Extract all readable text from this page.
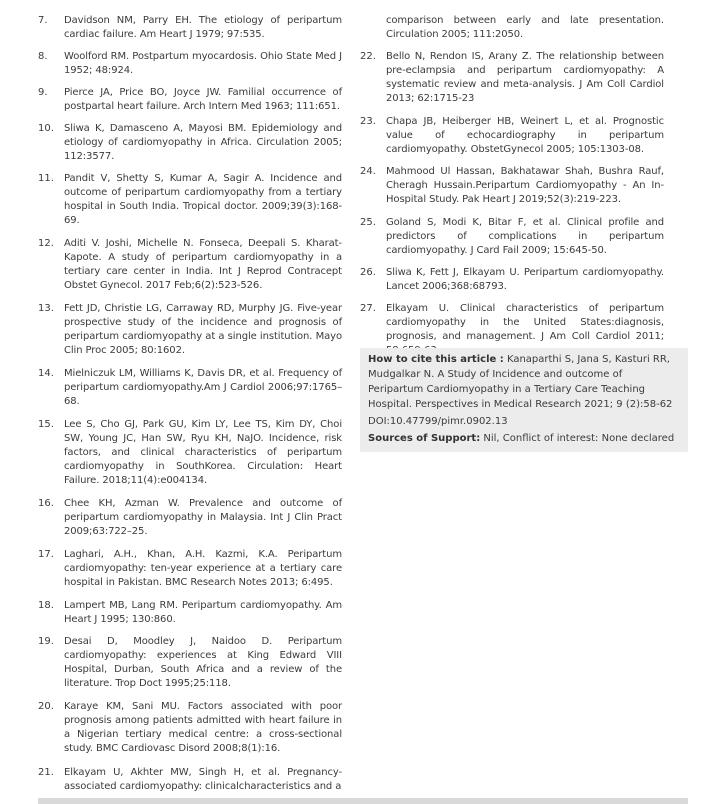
7. Davidson NM, Parry EH. The etiology of peripartum cardiac failure. Am Heart J 1979; 97:535.
8. Woolford RM. Postpartum myocardosis. Ohio State Med J 1952; 48:924.
9. Pierce JA, Price BO, Joyce JW. Familial occurrence of postpartal heart failure. Arch Intern Med 1963; 111:651.
10. Sliwa K, Damasceno A, Mayosi BM. Epidemiology and etiology of cardiomyopathy in Africa. Circulation 2005; 112:3577.
11. Pandit V, Shetty S, Kumar A, Sagir A. Incidence and outcome of peripartum cardiomyopathy from a tertiary hospital in South India. Tropical doctor. 2009;39(3):168-69.
12. Aditi V. Joshi, Michelle N. Fonseca, Deepali S. Kharat-Kapote. A study of peripartum cardiomyopathy in a tertiary care center in India. Int J Reprod Contracept Obstet Gynecol. 2017 Feb;6(2):523-526.
13. Fett JD, Christie LG, Carraway RD, Murphy JG. Five-year prospective study of the incidence and prognosis of peripartum cardiomyopathy at a single institution. Mayo Clin Proc 2005; 80:1602.
14. Mielniczuk LM, Williams K, Davis DR, et al. Frequency of peripartum cardiomyopathy.Am J Cardiol 2006;97:1765–68.
15. Lee S, Cho GJ, Park GU, Kim LY, Lee TS, Kim DY, Choi SW, Young JC, Han SW, Ryu KH, NaJO. Incidence, risk factors, and clinical characteristics of peripartum cardiomyopathy in SouthKorea. Circulation: Heart Failure. 2018;11(4):e004134.
16. Chee KH, Azman W. Prevalence and outcome of peripartum cardiomyopathy in Malaysia. Int J Clin Pract 2009;63:722–25.
17. Laghari, A.H., Khan, A.H. Kazmi, K.A. Peripartum cardiomyopathy: ten-year experience at a tertiary care hospital in Pakistan. BMC Research Notes 2013; 6:495.
18. Lampert MB, Lang RM. Peripartum cardiomyopathy. Am Heart J 1995; 130:860.
19. Desai D, Moodley J, Naidoo D. Peripartum cardiomyopathy: experiences at King Edward VIII Hospital, Durban, South Africa and a review of the literature. Trop Doct 1995;25:118.
20. Karaye KM, Sani MU. Factors associated with poor prognosis among patients admitted with heart failure in a Nigerian tertiary medical centre: a cross-sectional study. BMC Cardiovasc Disord 2008;8(1):16.
21. Elkayam U, Akhter MW, Singh H, et al. Pregnancy-associated cardiomyopathy: clinicalcharacteristics and a
comparison between early and late presentation. Circulation 2005; 111:2050.
22. Bello N, Rendon IS, Arany Z. The relationship between pre-eclampsia and peripartum cardiomyopathy: A systematic review and meta-analysis. J Am Coll Cardiol 2013; 62:1715-23
23. Chapa JB, Heiberger HB, Weinert L, et al. Prognostic value of echocardiography in peripartum cardiomyopathy. ObstetGynecol 2005; 105:1303-08.
24. Mahmood Ul Hassan, Bakhatawar Shah, Bushra Rauf, Cheragh Hussain.Peripartum Cardiomyopathy - An In-Hospital Study. Pak Heart J 2019;52(3):219-223.
25. Goland S, Modi K, Bitar F, et al. Clinical profile and predictors of complications in peripartum cardiomyopathy. J Card Fail 2009; 15:645-50.
26. Sliwa K, Fett J, Elkayam U. Peripartum cardiomyopathy. Lancet 2006;368:68793.
27. Elkayam U. Clinical characteristics of peripartum cardiomyopathy in the United States:diagnosis, prognosis, and management. J Am Coll Cardiol 2011;

How to cite this article : Kanaparthi S, Jana S, Kasturi RR, Mudgalkar N. A Study of Incidence and outcome of Peripartum Cardiomyopathy in a Tertiary Care Teaching Hospital. Perspectives in Medical Research 2021; 9 (2):58-62

DOI:10.47799/pimr.0902.13

Sources of Support: Nil, Conflict of interest: None declared
